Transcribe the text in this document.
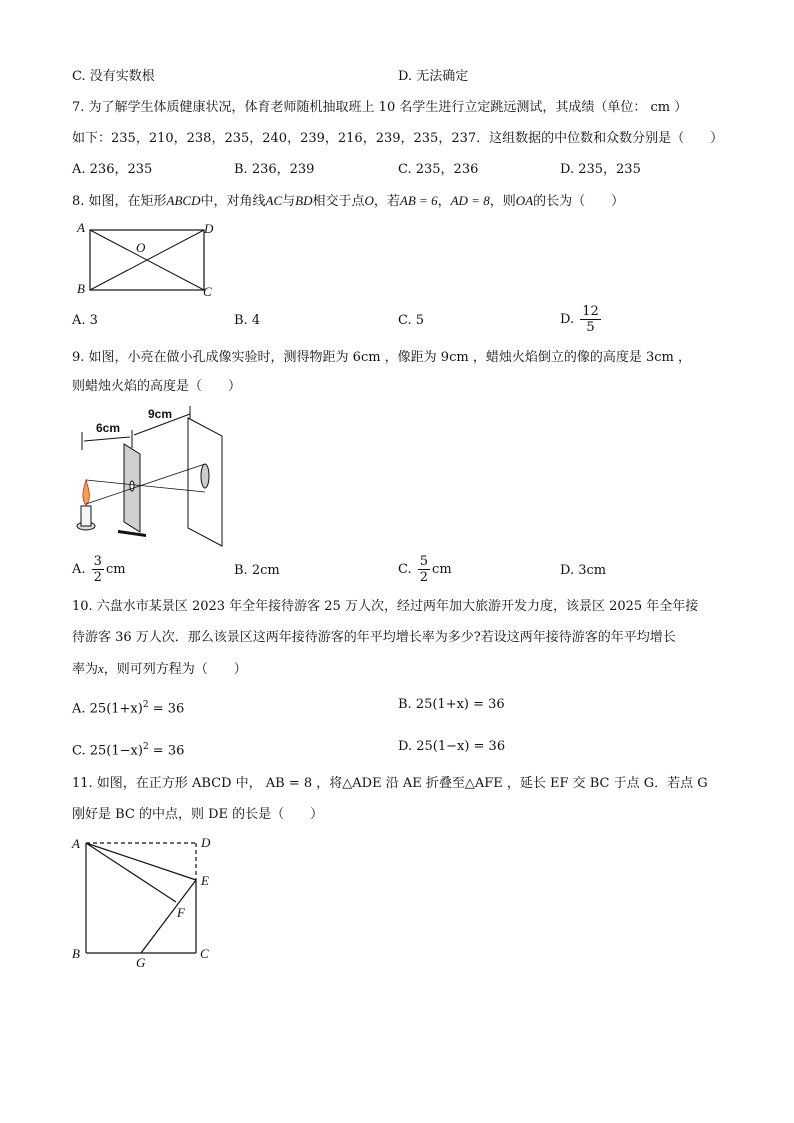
C. 没有实数根	D. 无法确定
7. 为了解学生体质健康状况，体育老师随机抽取班上 10 名学生进行立定跳远测试，其成绩（单位： cm ）
如下：235，210，238，235，240，239，216，239，235，237．这组数据的中位数和众数分别是（　　）
A. 236，235	B. 236，239	C. 235，236	D. 235，235
8. 如图，在矩形ABCD中，对角线AC与BD相交于点O，若AB = 6，AD = 8，则OA的长为（　　）
A
B	C
D
O
A. 3	B. 4	C. 5	D. $\frac{12}{5}$
9. 如图，小亮在做小孔成像实验时，测得物距为 6cm ，像距为 9cm ，蜡烛火焰倒立的像的高度是 3cm ，
则蜡烛火焰的高度是（　　）
6cm
9cm
A. $\frac{3}{2}$ cm	B. 2cm	C. $\frac{5}{2}$ cm	D. 3cm
10. 六盘水市某景区 2023 年全年接待游客 25 万人次，经过两年加大旅游开发力度，该景区 2025 年全年接
待游客 36 万人次．那么该景区这两年接待游客的年平均增长率为多少?若设这两年接待游客的年平均增长
率为x，则可列方程为（　　）
A. $25(1+x)^2 = 36$	B. 25(1+x) = 36
C. $25(1-x)^2 = 36$	D. 25(1−x) = 36
11. 如图，在正方形 ABCD 中， AB = 8 ，将△ADE 沿 AE 折叠至△AFE ，延长 EF 交 BC 于点 G．若点 G
刚好是 BC 的中点，则 DE 的长是（　　）
A
B	C
D
E
F
G
